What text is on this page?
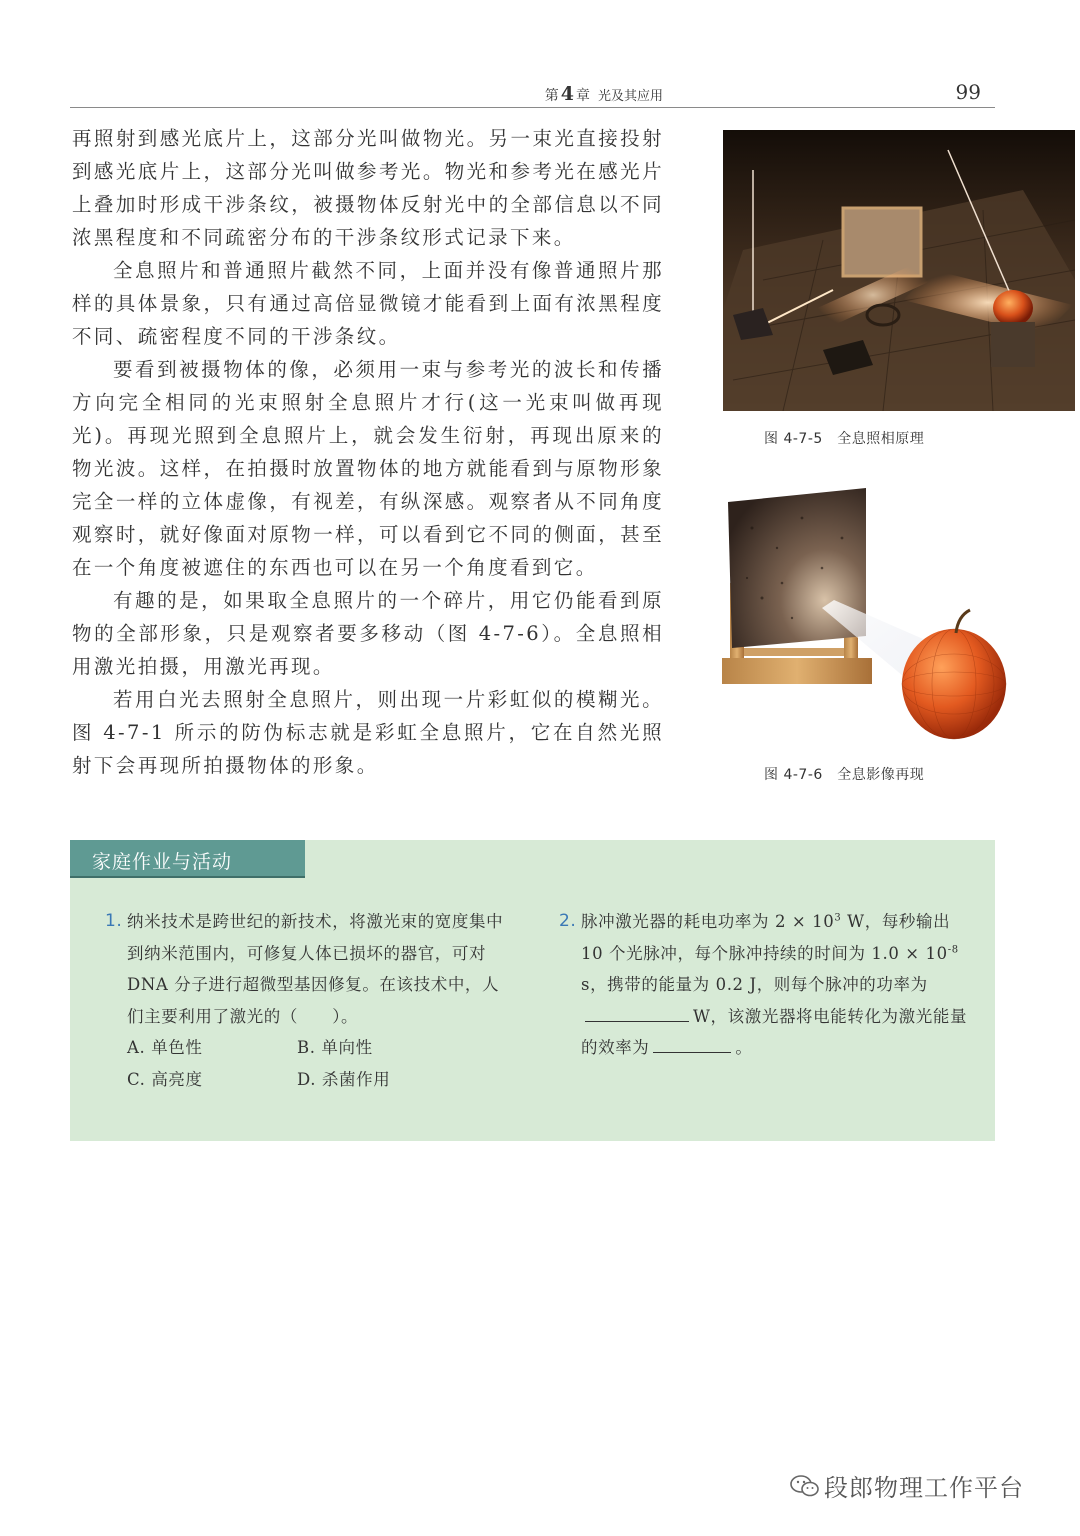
第 4 章 光及其应用	99

再照射到感光底片上，这部分光叫做物光。另一束光直接投射到感光底片上，这部分光叫做参考光。物光和参考光在感光片上叠加时形成干涉条纹，被摄物体反射光中的全部信息以不同浓黑程度和不同疏密分布的干涉条纹形式记录下来。

全息照片和普通照片截然不同，上面并没有像普通照片那样的具体景象，只有通过高倍显微镜才能看到上面有浓黑程度不同、疏密程度不同的干涉条纹。

要看到被摄物体的像，必须用一束与参考光的波长和传播方向完全相同的光束照射全息照片才行(这一光束叫做再现光)。再现光照到全息照片上，就会发生衍射，再现出原来的物光波。这样，在拍摄时放置物体的地方就能看到与原物形象完全一样的立体虚像，有视差，有纵深感。观察者从不同角度观察时，就好像面对原物一样，可以看到它不同的侧面，甚至在一个角度被遮住的东西也可以在另一个角度看到它。

有趣的是，如果取全息照片的一个碎片，用它仍能看到原物的全部形象，只是观察者要多移动（图 4-7-6）。全息照相用激光拍摄，用激光再现。

若用白光去照射全息照片，则出现一片彩虹似的模糊光。图 4-7-1 所示的防伪标志就是彩虹全息照片，它在自然光照射下会再现所拍摄物体的形象。

图 4-7-5　全息照相原理
图 4-7-6　全息影像再现
家庭作业与活动
1. 纳米技术是跨世纪的新技术，将激光束的宽度集中到纳米范围内，可修复人体已损坏的器官，可对 DNA 分子进行超微型基因修复。在该技术中，人们主要利用了激光的（　　）。
A. 单色性	B. 单向性
C. 高亮度	D. 杀菌作用
2. 脉冲激光器的耗电功率为 $2 \times 10^3$ W，每秒输出 10 个光脉冲，每个脉冲持续的时间为 $1.0 \times 10^{-8}$ s，携带的能量为 0.2 J，则每个脉冲的功率为W，该激光器将电能转化为激光能量的效率为	。
段郎物理工作平台
